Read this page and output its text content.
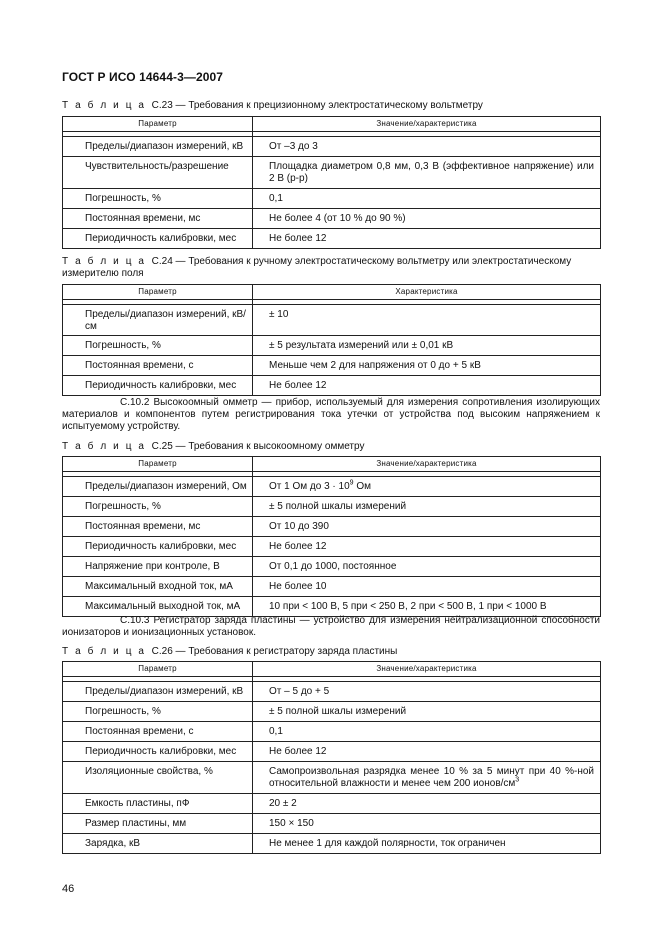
ГОСТ Р ИСО 14644-3—2007
Т а б л и ц а С.23 — Требования к прецизионному электростатическому вольтметру
Параметр	Значение/характеристика

Пределы/диапазон измерений, кВ	От –3 до 3
Чувствительность/разрешение	Площадка диаметром 0,8 мм, 0,3 В (эффективное напряжение) или 2 В (p-p)
Погрешность, %	0,1
Постоянная времени, мс	Не более 4 (от 10 % до 90 %)
Периодичность калибровки, мес	Не более 12
Т а б л и ц а С.24 — Требования к ручному электростатическому вольтметру или электростатическому измерителю поля
Параметр	Характеристика

Пределы/диапазон измерений, кВ/см	± 10
Погрешность, %	± 5 результата измерений или ± 0,01 кВ
Постоянная времени, с	Меньше чем 2 для напряжения от 0 до + 5 кВ
Периодичность калибровки, мес	Не более 12
С.10.2 Высокоомный омметр — прибор, используемый для измерения сопротивления изолирующих материалов и компонентов путем регистрирования тока утечки от устройства под высоким напряжением к испытуемому устройству.
Т а б л и ц а С.25 — Требования к высокоомному омметру
Параметр	Значение/характеристика

Пределы/диапазон измерений, Ом	От 1 Ом до $3 \cdot 10^9$ Ом
Погрешность, %	± 5 полной шкалы измерений
Постоянная времени, мс	От 10 до 390
Периодичность калибровки, мес	Не более 12
Напряжение при контроле, В	От 0,1 до 1000, постоянное
Максимальный входной ток, мА	Не более 10
Максимальный выходной ток, мА	10 при < 100 В, 5 при < 250 В, 2 при < 500 В, 1 при < 1000 В
С.10.3 Регистратор заряда пластины — устройство для измерения нейтрализационной способности ионизаторов и ионизационных установок.
Т а б л и ц а С.26 — Требования к регистратору заряда пластины
Параметр	Значение/характеристика

Пределы/диапазон измерений, кВ	От – 5 до + 5
Погрешность, %	± 5 полной шкалы измерений
Постоянная времени, с	0,1
Периодичность калибровки, мес	Не более 12
Изоляционные свойства, %	Самопроизвольная разрядка менее 10 % за 5 минут при 40 %-ной относительной влажности и менее чем 200 ионов/$см^3$
Емкость пластины, пФ	20 ± 2
Размер пластины, мм	150 × 150
Зарядка, кВ	Не менее 1 для каждой полярности, ток ограничен
46
